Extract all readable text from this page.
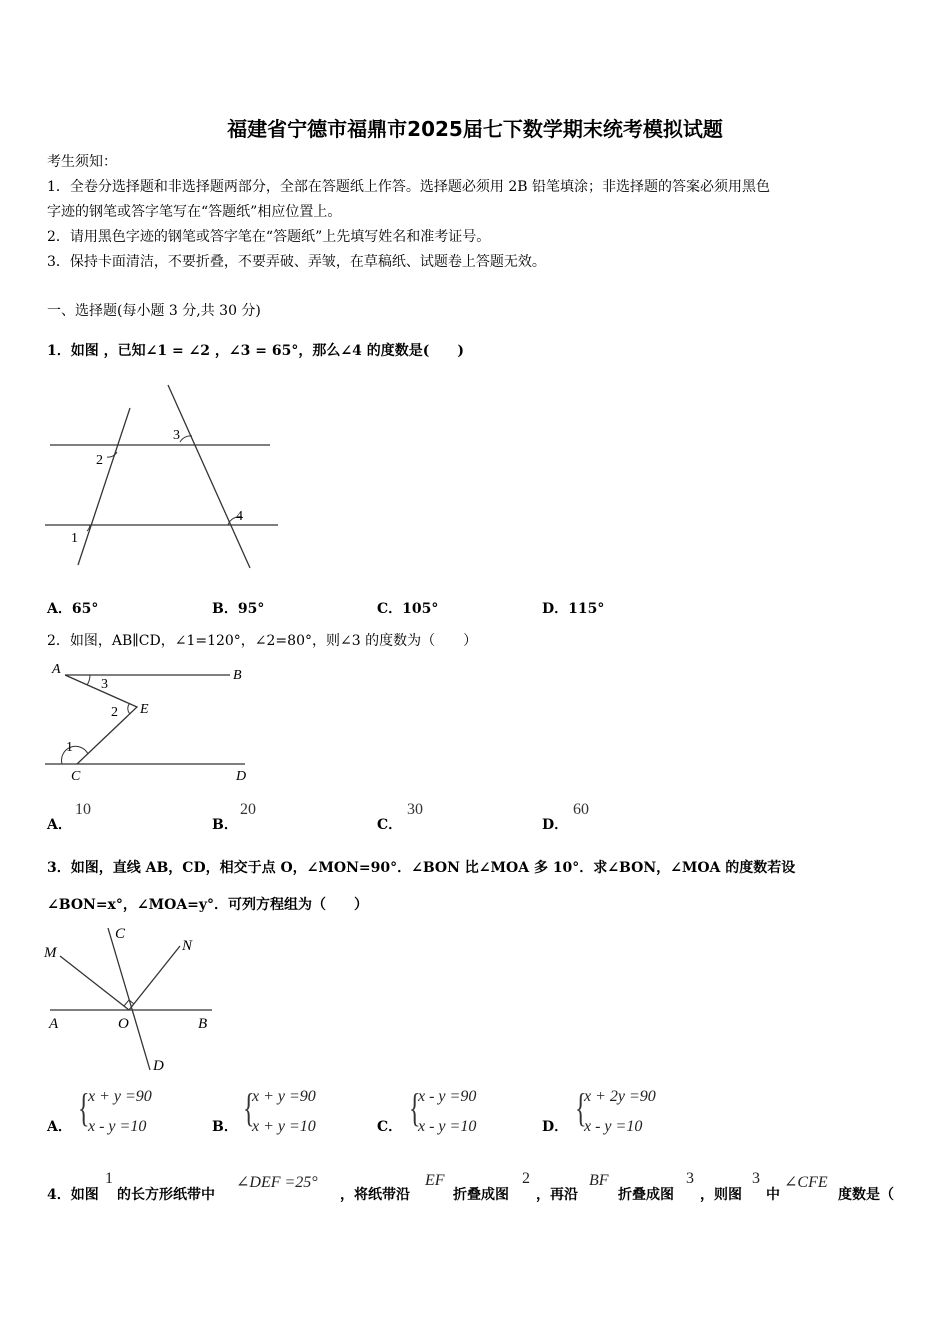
福建省宁德市福鼎市2025届七下数学期末统考模拟试题
考生须知：
1．全卷分选择题和非选择题两部分，全部在答题纸上作答。选择题必须用 2B 铅笔填涂；非选择题的答案必须用黑色
字迹的钢笔或答字笔写在“答题纸”相应位置上。
2．请用黑色字迹的钢笔或答字笔在“答题纸”上先填写姓名和准考证号。
3．保持卡面清洁，不要折叠，不要弄破、弄皱，在草稿纸、试题卷上答题无效。
一、选择题(每小题 3 分,共 30 分)
1．如图 ，已知∠1 = ∠2 ，∠3 = 65°，那么∠4 的度数是(　　)
1
2
3
4
A．65°	B．95°	C．105°	D．115°
2．如图，AB∥CD，∠1=120°，∠2=80°，则∠3 的度数为（　　）
A	B
E
C	D
3
2
1
A．
10
B．
20
C．
30
D．
60
3．如图，直线 AB，CD，相交于点 O，∠MON=90°．∠BON 比∠MOA 多 10°．求∠BON，∠MOA 的度数若设
∠BON=x°，∠MOA=y°．可列方程组为（　　）
M
C
N
A	O	B
D
A． {
x + y =90
x - y =10	B． {
x + y =90
x + y =10	C． {
x - y =90
x - y =10	D． {
x + 2y =90
x - y =10
4．如图
1
的长方形纸带中
∠DEF =25°
，将纸带沿
EF
折叠成图
2
，再沿
BF
折叠成图
3
，则图
3
中
∠CFE
度数是（
